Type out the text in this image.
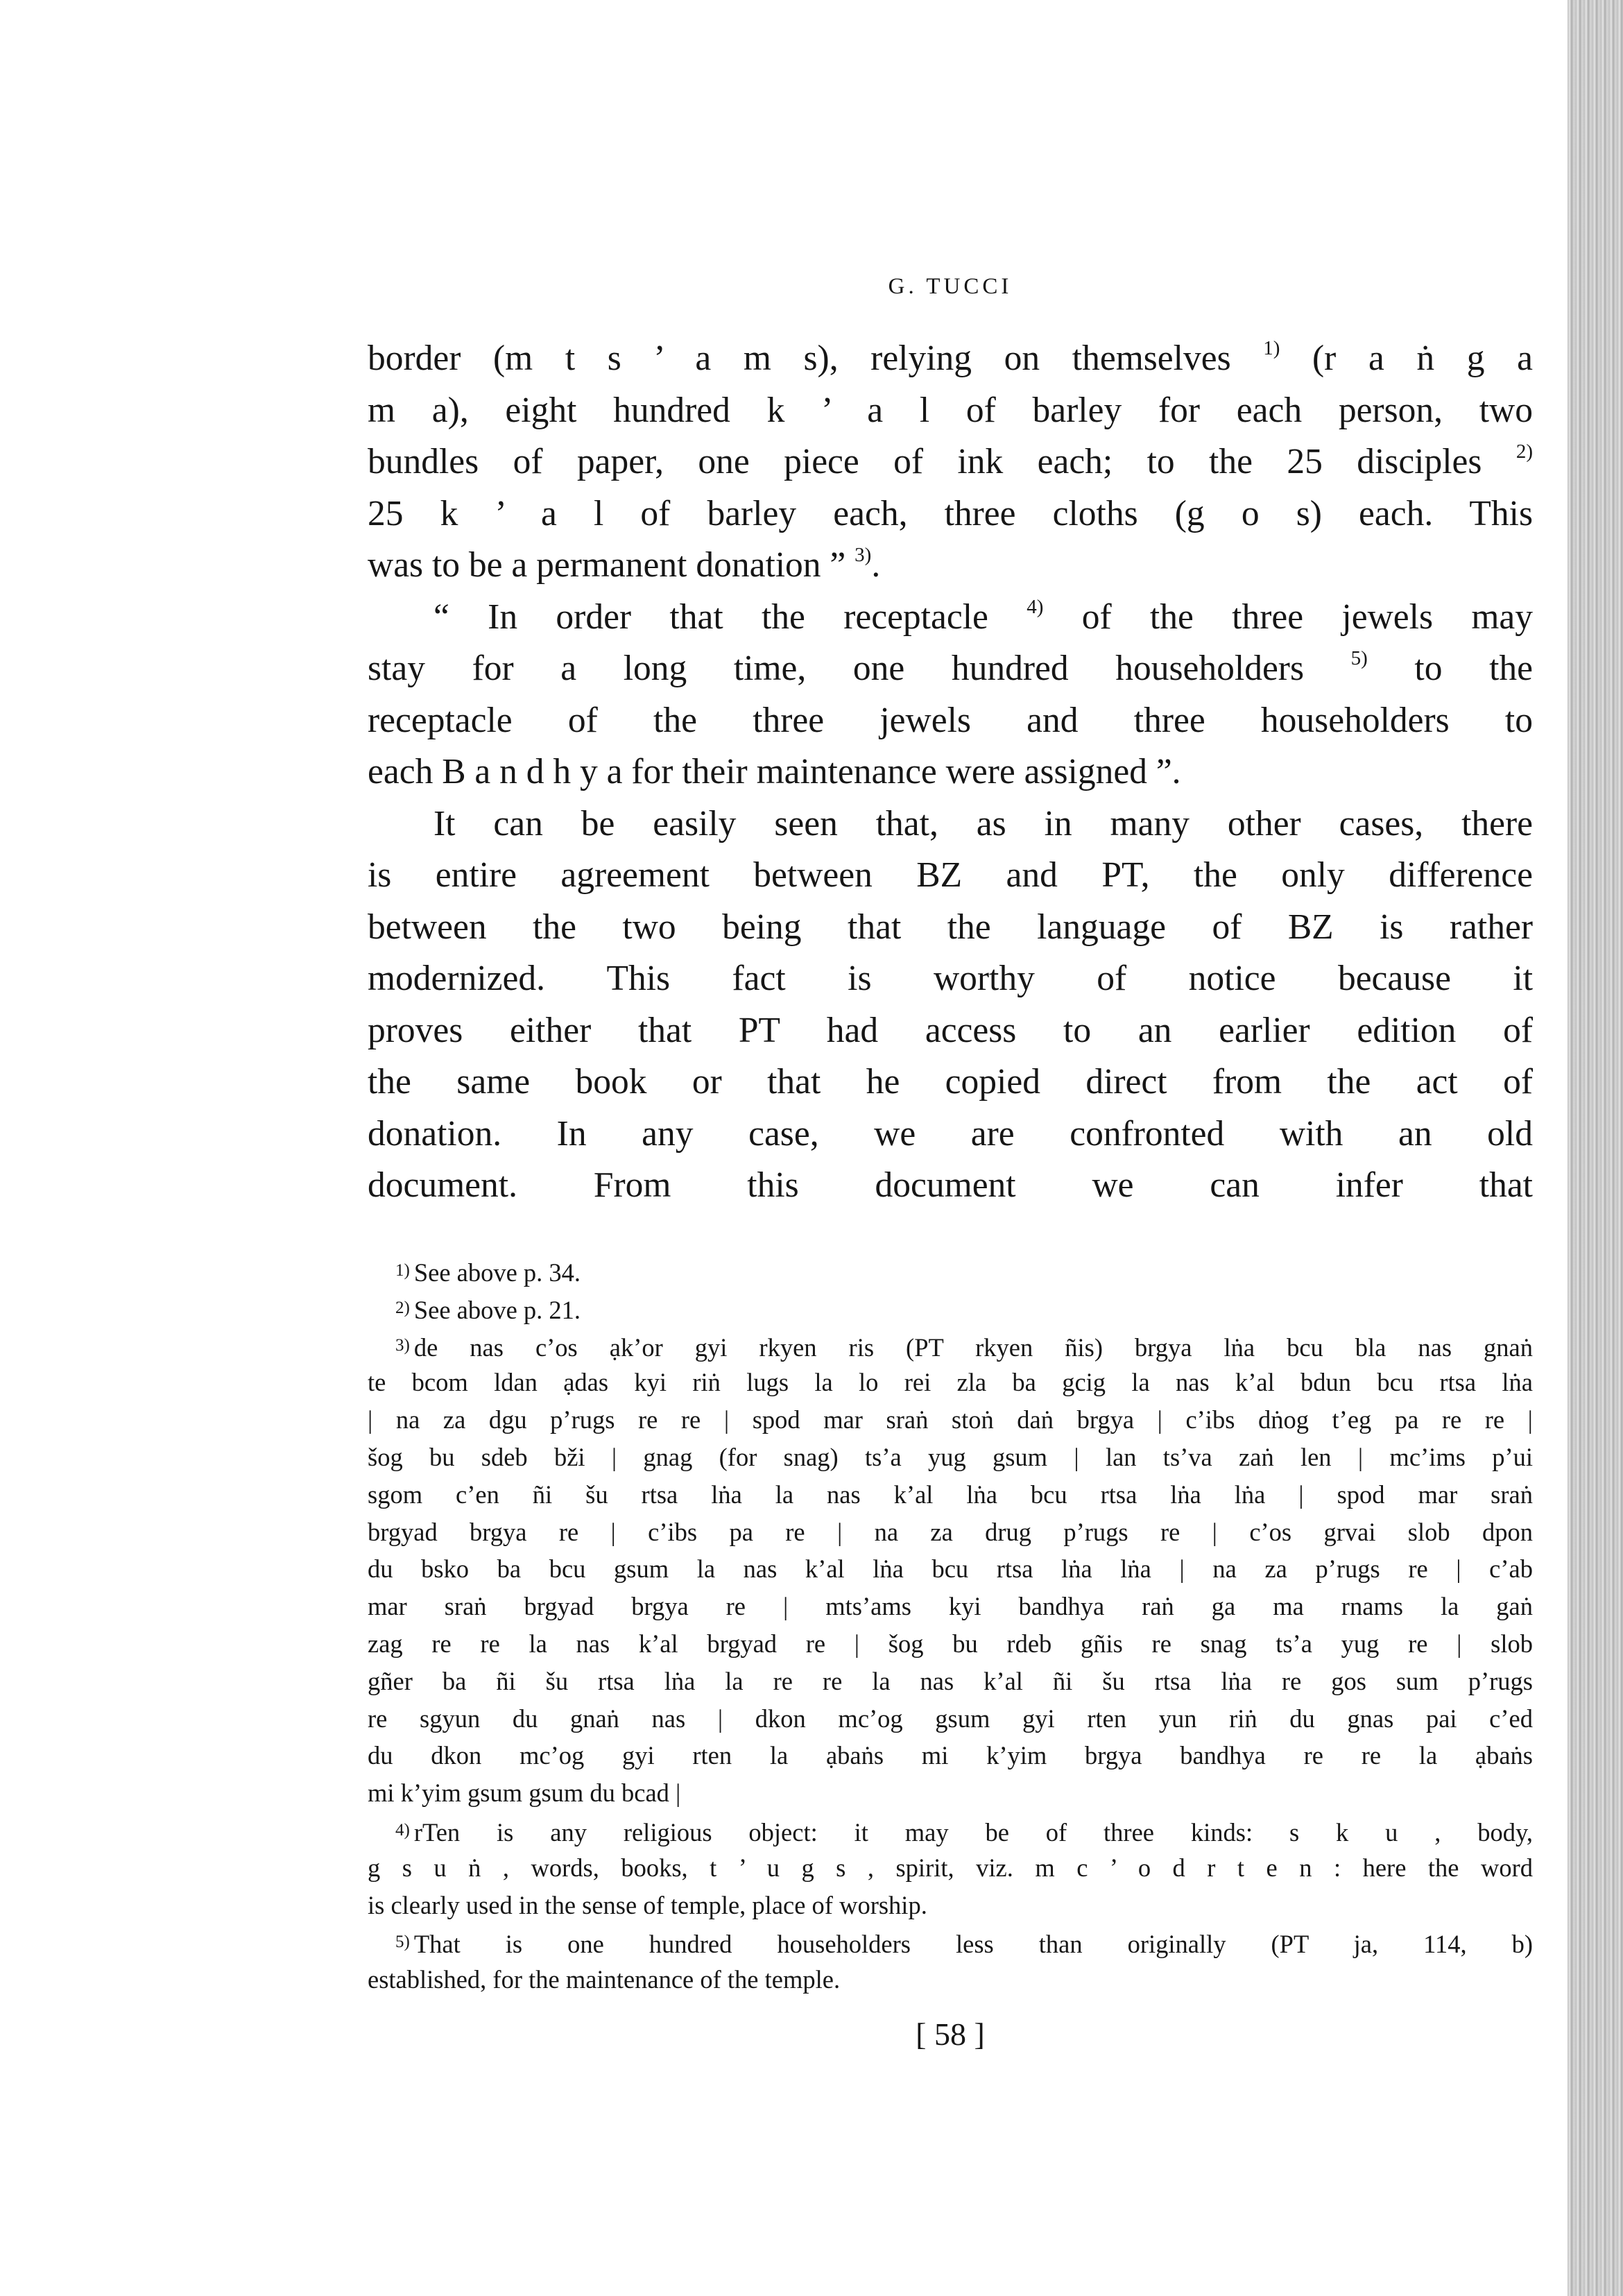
G. TUCCI
border (m t s ’ a m s), relying on themselves $^{1)}$ (r a ṅ g a
m a), eight hundred k ’ a l of barley for each person, two
bundles of paper, one piece of ink each; to the 25 disciples $^{2)}$
25 k ’ a l of barley each, three cloths (g o s) each. This
was to be a permanent donation ” $^{3)}$.
“ In order that the receptacle $^{4)}$ of the three jewels may
stay for a long time, one hundred householders $^{5)}$ to the
receptacle of the three jewels and three householders to
each B a n d h y a for their maintenance were assigned ”.
It can be easily seen that, as in many other cases, there
is entire agreement between BZ and PT, the only difference
between the two being that the language of BZ is rather
modernized. This fact is worthy of notice because it
proves either that PT had access to an earlier edition of
the same book or that he copied direct from the act of
donation. In any case, we are confronted with an old
document. From this document we can infer that
$^{1)}$ See above p. 34.
$^{2)}$ See above p. 21.
$^{3)}$ de nas c’os ạk’or gyi rkyen ris (PT rkyen ñis) brgya lṅa bcu bla nas gnaṅ
te bcom ldan ạdas kyi riṅ lugs la lo rei zla ba gcig la nas k’al bdun bcu rtsa lṅa
| na za dgu p’rugs re re | spod mar sraṅ stoṅ daṅ brgya | c’ibs dṅog t’eg pa re re |
šog bu sdeb bži | gnag (for snag) ts’a yug gsum | lan ts’va zaṅ len | mc’ims p’ui
sgom c’en ñi šu rtsa lṅa la nas k’al lṅa bcu rtsa lṅa lṅa | spod mar sraṅ
brgyad brgya re | c’ibs pa re | na za drug p’rugs re | c’os grvai slob dpon
du bsko ba bcu gsum la nas k’al lṅa bcu rtsa lṅa lṅa | na za p’rugs re | c’ab
mar sraṅ brgyad brgya re | mts’ams kyi bandhya raṅ ga ma rnams la gaṅ
zag re re la nas k’al brgyad re | šog bu rdeb gñis re snag ts’a yug re | slob
gñer ba ñi šu rtsa lṅa la re re la nas k’al ñi šu rtsa lṅa re gos sum p’rugs
re sgyun du gnaṅ nas | dkon mc’og gsum gyi rten yun riṅ du gnas pai c’ed
du dkon mc’og gyi rten la ạbaṅs mi k’yim brgya bandhya re re la ạbaṅs
mi k’yim gsum gsum du bcad |
$^{4)}$ rTen is any religious object: it may be of three kinds: s k u , body,
g s u ṅ , words, books, t ’ u g s , spirit, viz. m c ’ o d r t e n : here the word
is clearly used in the sense of temple, place of worship.
$^{5)}$ That is one hundred householders less than originally (PT ja, 114, b)
established, for the maintenance of the temple.
[ 58 ]
